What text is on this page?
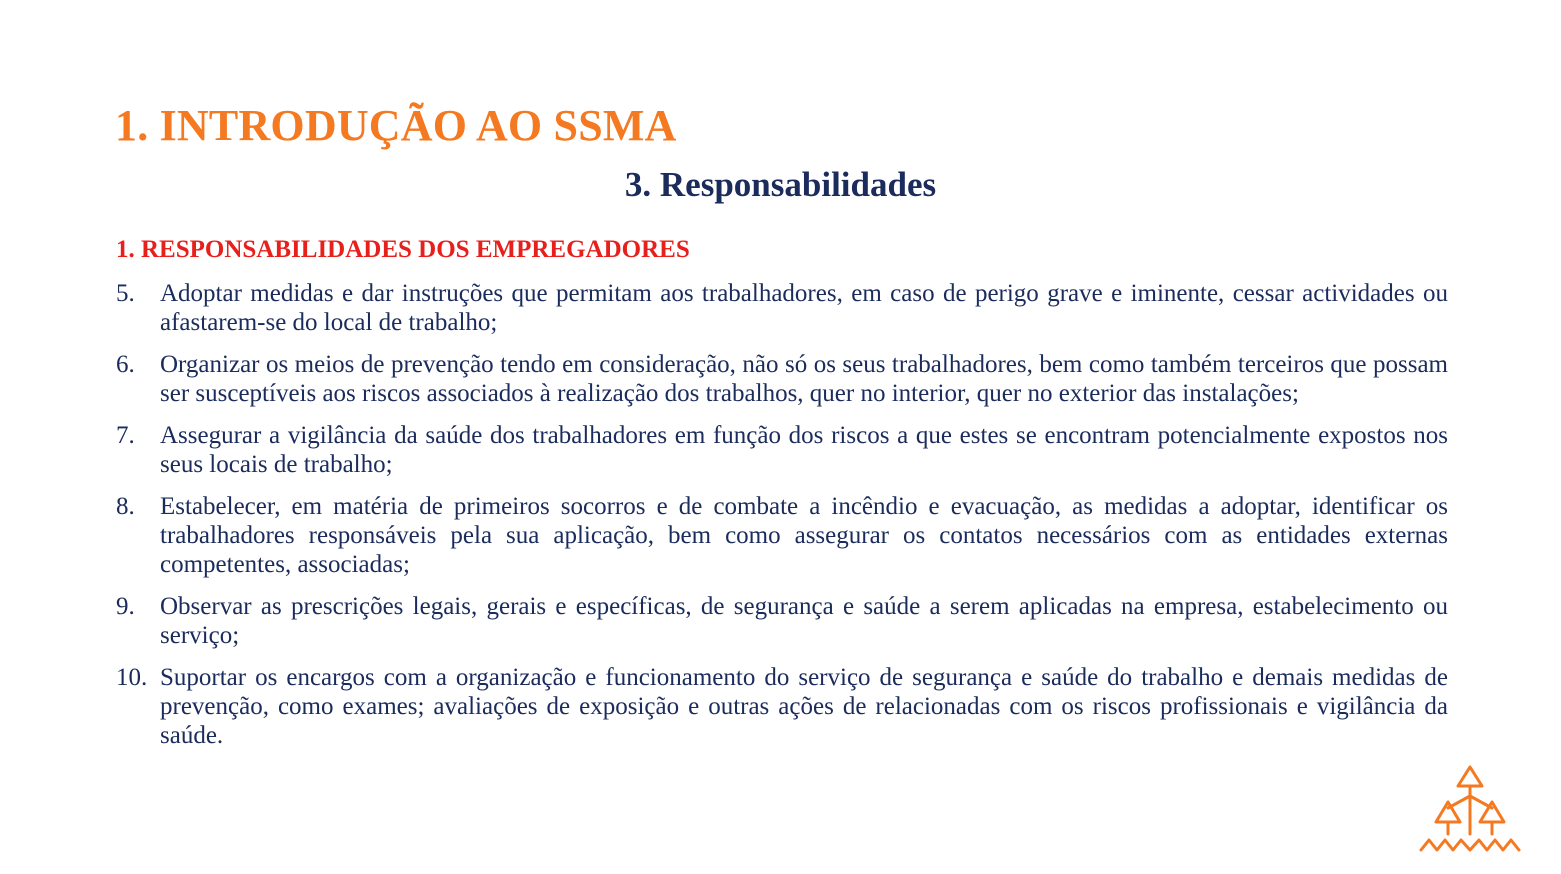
1. INTRODUÇÃO AO SSMA
3. Responsabilidades
1. RESPONSABILIDADES DOS EMPREGADORES
5.	Adoptar medidas e dar instruções que permitam aos trabalhadores, em caso de perigo grave e iminente, cessar actividades ou afastarem-se do local de trabalho;
6.	Organizar os meios de prevenção tendo em consideração, não só os seus trabalhadores, bem como também terceiros que possam ser susceptíveis aos riscos associados à realização dos trabalhos, quer no interior, quer no exterior das instalações;
7.	Assegurar a vigilância da saúde dos trabalhadores em função dos riscos a que estes se encontram potencialmente expostos nos seus locais de trabalho;
8.	Estabelecer, em matéria de primeiros socorros e de combate a incêndio e evacuação, as medidas a adoptar, identificar os trabalhadores responsáveis pela sua aplicação, bem como assegurar os contatos necessários com as entidades externas competentes, associadas;
9.	Observar as prescrições legais, gerais e específicas, de segurança e saúde a serem aplicadas na empresa, estabelecimento ou serviço;
10. Suportar os encargos com a organização e funcionamento do serviço de segurança e saúde do trabalho e demais medidas de prevenção, como exames; avaliações de exposição e outras ações de relacionadas com os riscos profissionais e vigilância da saúde.
